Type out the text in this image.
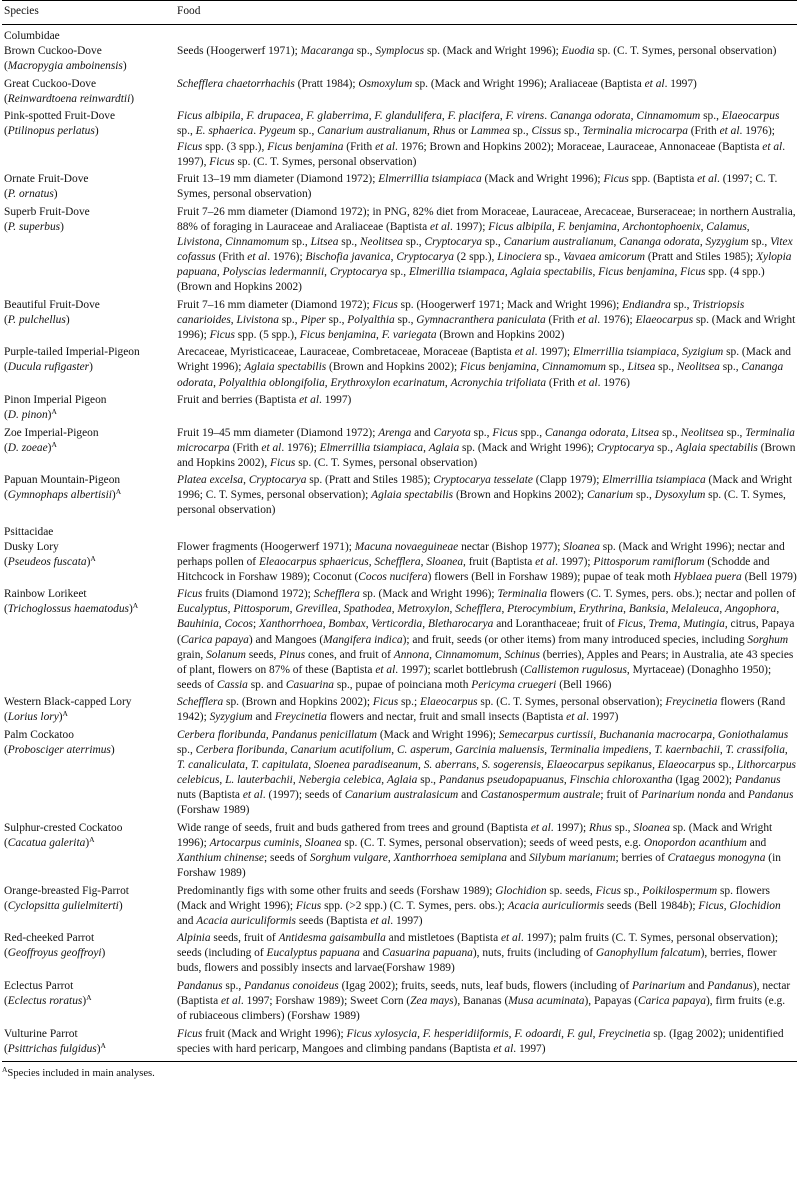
Species	Food
Columbidae	
Brown Cuckoo-Dove
(Macropygia amboinensis)	Seeds (Hoogerwerf 1971); Macaranga sp., Symplocus sp. (Mack and Wright 1996); Euodia sp. (C. T. Symes, personal observation)
Great Cuckoo-Dove
(Reinwardtoena reinwardtii)	Schefflera chaetorrhachis (Pratt 1984); Osmoxylum sp. (Mack and Wright 1996); Araliaceae (Baptista et al. 1997)
Pink-spotted Fruit-Dove
(Ptilinopus perlatus)	Ficus albipila, F. drupacea, F. glaberrima, F. glandulifera, F. placifera, F. virens. Cananga odorata, Cinnamomum sp., Elaeocarpus sp., E. sphaerica. Pygeum sp., Canarium australianum, Rhus or Lammea sp., Cissus sp., Terminalia microcarpa (Frith et al. 1976); Ficus spp. (3 spp.), Ficus benjamina (Frith et al. 1976; Brown and Hopkins 2002); Moraceae, Lauraceae, Annonaceae (Baptista et al. 1997), Ficus sp. (C. T. Symes, personal observation)
Ornate Fruit-Dove
(P. ornatus)	Fruit 13–19 mm diameter (Diamond 1972); Elmerrillia tsiampiaca (Mack and Wright 1996); Ficus spp. (Baptista et al. (1997; C. T. Symes, personal observation)
Superb Fruit-Dove
(P. superbus)	Fruit 7–26 mm diameter (Diamond 1972); in PNG, 82% diet from Moraceae, Lauraceae, Arecaceae, Burseraceae; in northern Australia, 88% of foraging in Lauraceae and Araliaceae (Baptista et al. 1997); Ficus albipila, F. benjamina, Archontophoenix, Calamus, Livistona, Cinnamomum sp., Litsea sp., Neolitsea sp., Cryptocarya sp., Canarium australianum, Cananga odorata, Syzygium sp., Vitex cofassus (Frith et al. 1976); Bischofia javanica, Cryptocarya (2 spp.), Linociera sp., Vavaea amicorum (Pratt and Stiles 1985); Xylopia papuana, Polyscias ledermannii, Cryptocarya sp., Elmerillia tsiampaca, Aglaia spectabilis, Ficus benjamina, Ficus spp. (4 spp.) (Brown and Hopkins 2002)
Beautiful Fruit-Dove
(P. pulchellus)	Fruit 7–16 mm diameter (Diamond 1972); Ficus sp. (Hoogerwerf 1971; Mack and Wright 1996); Endiandra sp., Tristriopsis canarioides, Livistona sp., Piper sp., Polyalthia sp., Gymnacranthera paniculata (Frith et al. 1976); Elaeocarpus sp. (Mack and Wright 1996); Ficus spp. (5 spp.), Ficus benjamina, F. variegata (Brown and Hopkins 2002)
Purple-tailed Imperial-Pigeon
(Ducula rufigaster)	Arecaceae, Myristicaceae, Lauraceae, Combretaceae, Moraceae (Baptista et al. 1997); Elmerrillia tsiampiaca, Syzigium sp. (Mack and Wright 1996); Aglaia spectabilis (Brown and Hopkins 2002); Ficus benjamina, Cinnamomum sp., Litsea sp., Neolitsea sp., Cananga odorata, Polyalthia oblongifolia, Erythroxylon ecarinatum, Acronychia trifoliata (Frith et al. 1976)
Pinon Imperial Pigeon
(D. pinon)$^A$	Fruit and berries (Baptista et al. 1997)
Zoe Imperial-Pigeon
(D. zoeae)$^A$	Fruit 19–45 mm diameter (Diamond 1972); Arenga and Caryota sp., Ficus spp., Cananga odorata, Litsea sp., Neolitsea sp., Terminalia microcarpa (Frith et al. 1976); Elmerrillia tsiampiaca, Aglaia sp. (Mack and Wright 1996); Cryptocarya sp., Aglaia spectabilis (Brown and Hopkins 2002), Ficus sp. (C. T. Symes, personal observation)
Papuan Mountain-Pigeon
(Gymnophaps albertisii)$^A$	Platea excelsa, Cryptocarya sp. (Pratt and Stiles 1985); Cryptocarya tesselate (Clapp 1979); Elmerrillia tsiampiaca (Mack and Wright 1996; C. T. Symes, personal observation); Aglaia spectabilis (Brown and Hopkins 2002); Canarium sp., Dysoxylum sp. (C. T. Symes, personal observation)
Psittacidae	
Dusky Lory
(Pseudeos fuscata)$^A$	Flower fragments (Hoogerwerf 1971); Macuna novaeguineae nectar (Bishop 1977); Sloanea sp. (Mack and Wright 1996); nectar and perhaps pollen of Eleaocarpus sphaericus, Schefflera, Sloanea, fruit (Baptista et al. 1997); Pittosporum ramiflorum (Schodde and Hitchcock in Forshaw 1989); Coconut (Cocos nucifera) flowers (Bell in Forshaw 1989); pupae of teak moth Hyblaea puera (Bell 1979)
Rainbow Lorikeet
(Trichoglossus haematodus)$^A$	Ficus fruits (Diamond 1972); Schefflera sp. (Mack and Wright 1996); Terminalia flowers (C. T. Symes, pers. obs.); nectar and pollen of Eucalyptus, Pittosporum, Grevillea, Spathodea, Metroxylon, Schefflera, Pterocymbium, Erythrina, Banksia, Melaleuca, Angophora, Bauhinia, Cocos; Xanthorrhoea, Bombax, Verticordia, Bletharocarya and Loranthaceae; fruit of Ficus, Trema, Mutingia, citrus, Papaya (Carica papaya) and Mangoes (Mangifera indica); and fruit, seeds (or other items) from many introduced species, including Sorghum grain, Solanum seeds, Pinus cones, and fruit of Annona, Cinnamomum, Schinus (berries), Apples and Pears; in Australia, ate 43 species of plant, flowers on 87% of these (Baptista et al. 1997); scarlet bottlebrush (Callistemon rugulosus, Myrtaceae) (Donaghho 1950); seeds of Cassia sp. and Casuarina sp., pupae of poinciana moth Pericyma cruegeri (Bell 1966)
Western Black-capped Lory
(Lorius lory)$^A$	Schefflera sp. (Brown and Hopkins 2002); Ficus sp.; Elaeocarpus sp. (C. T. Symes, personal observation); Freycinetia flowers (Rand 1942); Syzygium and Freycinetia flowers and nectar, fruit and small insects (Baptista et al. 1997)
Palm Cockatoo
(Probosciger aterrimus)	Cerbera floribunda, Pandanus penicillatum (Mack and Wright 1996); Semecarpus curtissii, Buchanania macrocarpa, Goniothalamus sp., Cerbera floribunda, Canarium acutifolium, C. asperum, Garcinia maluensis, Terminalia impediens, T. kaernbachii, T. crassifolia, T. canaliculata, T. capitulata, Sloenea paradiseanum, S. aberrans, S. sogerensis, Elaeocarpus sepikanus, Elaeocarpus sp., Lithorcarpus celebicus, L. lauterbachii, Nebergia celebica, Aglaia sp., Pandanus pseudopapuanus, Finschia chloroxantha (Igag 2002); Pandanus nuts (Baptista et al. (1997); seeds of Canarium australasicum and Castanospermum australe; fruit of Parinarium nonda and Pandanus (Forshaw 1989)
Sulphur-crested Cockatoo
(Cacatua galerita)$^A$	Wide range of seeds, fruit and buds gathered from trees and ground (Baptista et al. 1997); Rhus sp., Sloanea sp. (Mack and Wright 1996); Artocarpus cuminis, Sloanea sp. (C. T. Symes, personal observation); seeds of weed pests, e.g. Onopordon acanthium and Xanthium chinense; seeds of Sorghum vulgare, Xanthorrhoea semiplana and Silybum marianum; berries of Crataegus monogyna (in Forshaw 1989)
Orange-breasted Fig-Parrot
(Cyclopsitta gulielmiterti)	Predominantly figs with some other fruits and seeds (Forshaw 1989); Glochidion sp. seeds, Ficus sp., Poikilospermum sp. flowers (Mack and Wright 1996); Ficus spp. (>2 spp.) (C. T. Symes, pers. obs.); Acacia auriculiormis seeds (Bell 1984b); Ficus, Glochidion and Acacia auriculiformis seeds (Baptista et al. 1997)
Red-cheeked Parrot
(Geoffroyus geoffroyi)	Alpinia seeds, fruit of Antidesma gaisambulla and mistletoes (Baptista et al. 1997); palm fruits (C. T. Symes, personal observation); seeds (including of Eucalyptus papuana and Casuarina papuana), nuts, fruits (including of Ganophyllum falcatum), berries, flower buds, flowers and possibly insects and larvae(Forshaw 1989)
Eclectus Parrot
(Eclectus roratus)$^A$	Pandanus sp., Pandanus conoideus (Igag 2002); fruits, seeds, nuts, leaf buds, flowers (including of Parinarium and Pandanus), nectar (Baptista et al. 1997; Forshaw 1989); Sweet Corn (Zea mays), Bananas (Musa acuminata), Papayas (Carica papaya), firm fruits (e.g. of rubiaceous climbers) (Forshaw 1989)
Vulturine Parrot
(Psittrichas fulgidus)$^A$	Ficus fruit (Mack and Wright 1996); Ficus xylosycia, F. hesperidiiformis, F. odoardi, F. gul, Freycinetia sp. (Igag 2002); unidentified species with hard pericarp, Mangoes and climbing pandans (Baptista et al. 1997)
$^A$Species included in main analyses.
